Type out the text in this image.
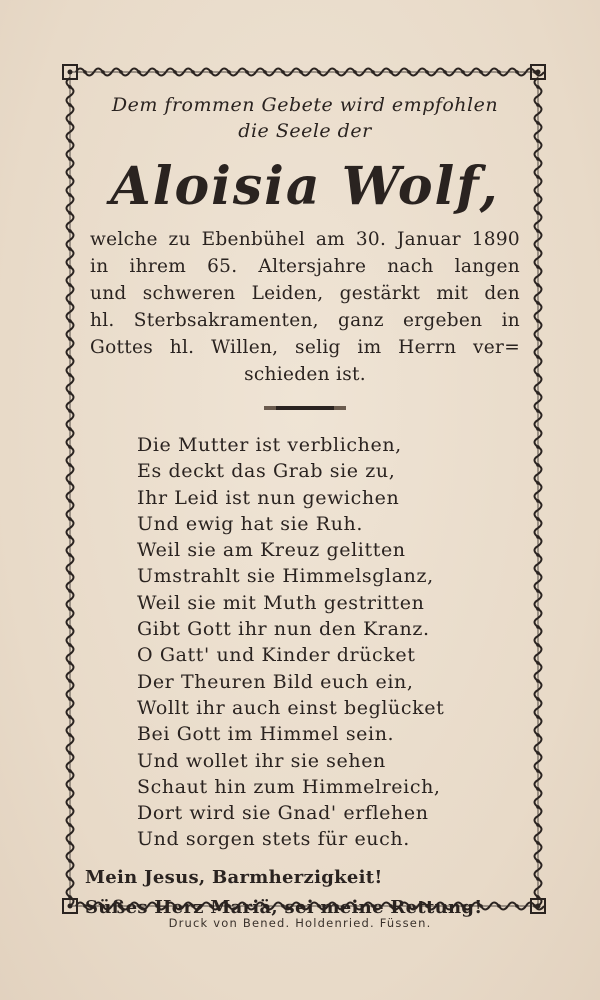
Dem frommen Gebete wird empfohlen
die Seele der
Aloisia Wolf,
welche zu Ebenbühel am 30. Januar 1890
in ihrem 65. Altersjahre nach langen
und schweren Leiden, gestärkt mit den
hl. Sterbsakramenten, ganz ergeben in
Gottes hl. Willen, selig im Herrn ver=
schieden ist.
Die Mutter ist verblichen,
Es deckt das Grab sie zu,
Ihr Leid ist nun gewichen
Und ewig hat sie Ruh.
Weil sie am Kreuz gelitten
Umstrahlt sie Himmelsglanz,
Weil sie mit Muth gestritten
Gibt Gott ihr nun den Kranz.
O Gatt' und Kinder drücket
Der Theuren Bild euch ein,
Wollt ihr auch einst beglücket
Bei Gott im Himmel sein.
Und wollet ihr sie sehen
Schaut hin zum Himmelreich,
Dort wird sie Gnad' erflehen
Und sorgen stets für euch.
Mein Jesus, Barmherzigkeit!
Süßes Herz Mariä, sei meine Rettung!
Druck von Bened. Holdenried. Füssen.
